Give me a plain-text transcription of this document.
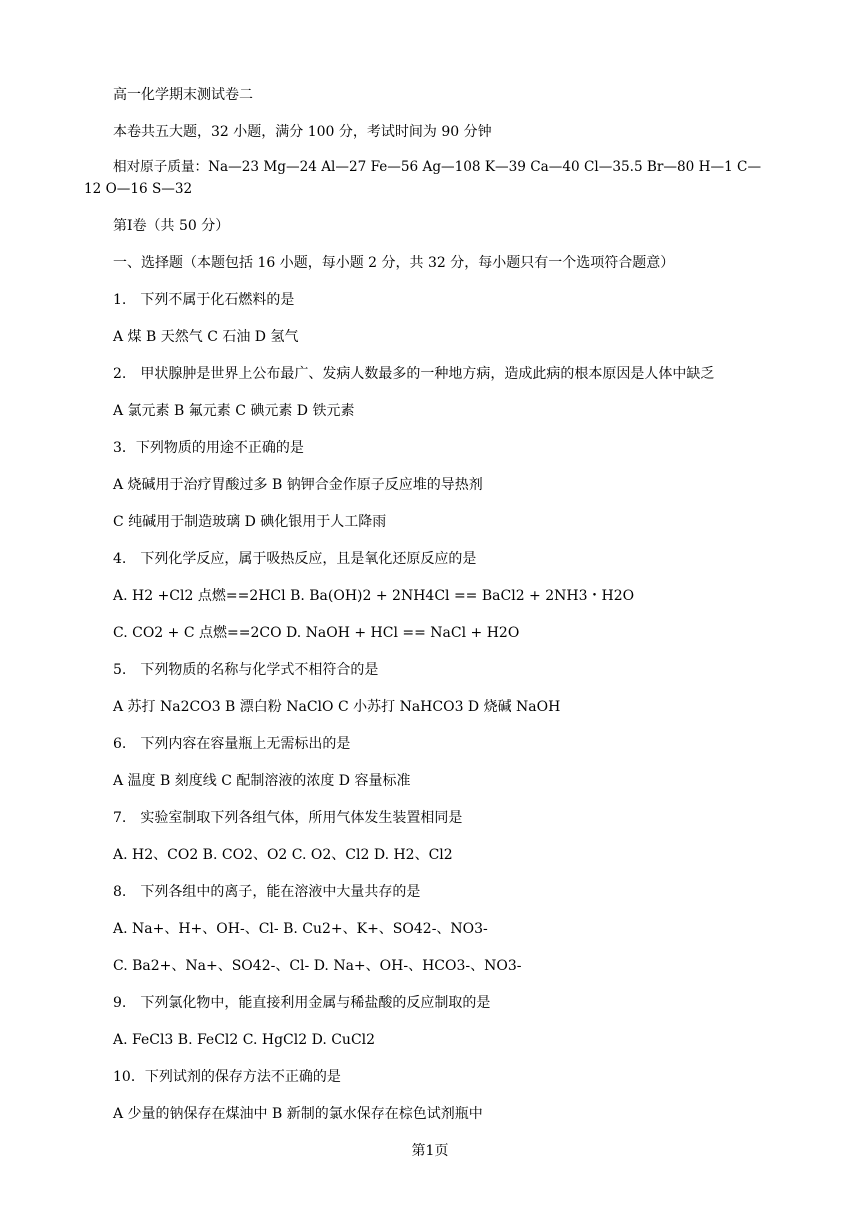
高一化学期末测试卷二
本卷共五大题，32 小题，满分 100 分，考试时间为 90 分钟
相对原子质量：Na—23 Mg—24 Al—27 Fe—56 Ag—108 K—39 Ca—40 Cl—35.5 Br—80 H—1 C—12 O—16 S—32
第Ⅰ卷（共 50 分）
一、选择题（本题包括 16 小题，每小题 2 分，共 32 分，每小题只有一个选项符合题意）
1.　下列不属于化石燃料的是
A 煤 B 天然气 C 石油 D 氢气
2.　甲状腺肿是世界上公布最广、发病人数最多的一种地方病，造成此病的根本原因是人体中缺乏
A 氯元素 B 氟元素 C 碘元素 D 铁元素
3．下列物质的用途不正确的是
A 烧碱用于治疗胃酸过多 B 钠钾合金作原子反应堆的导热剂
C 纯碱用于制造玻璃 D 碘化银用于人工降雨
4.　下列化学反应，属于吸热反应，且是氧化还原反应的是
A. H2 +Cl2 点燃==2HCl B. Ba(OH)2 + 2NH4Cl == BaCl2 + 2NH3・H2O
C. CO2 + C 点燃==2CO D. NaOH + HCl == NaCl + H2O
5.　下列物质的名称与化学式不相符合的是
A 苏打 Na2CO3 B 漂白粉 NaClO C 小苏打 NaHCO3 D 烧碱 NaOH
6.　下列内容在容量瓶上无需标出的是
A 温度 B 刻度线 C 配制溶液的浓度 D 容量标准
7.　实验室制取下列各组气体，所用气体发生装置相同是
A. H2、CO2 B. CO2、O2 C. O2、Cl2 D. H2、Cl2
8.　下列各组中的离子，能在溶液中大量共存的是
A. Na+、H+、OH-、Cl- B. Cu2+、K+、SO42-、NO3-
C. Ba2+、Na+、SO42-、Cl- D. Na+、OH-、HCO3-、NO3-
9.　下列氯化物中，能直接利用金属与稀盐酸的反应制取的是
A. FeCl3 B. FeCl2 C. HgCl2 D. CuCl2
10．下列试剂的保存方法不正确的是
A 少量的钠保存在煤油中 B 新制的氯水保存在棕色试剂瓶中
第1页
